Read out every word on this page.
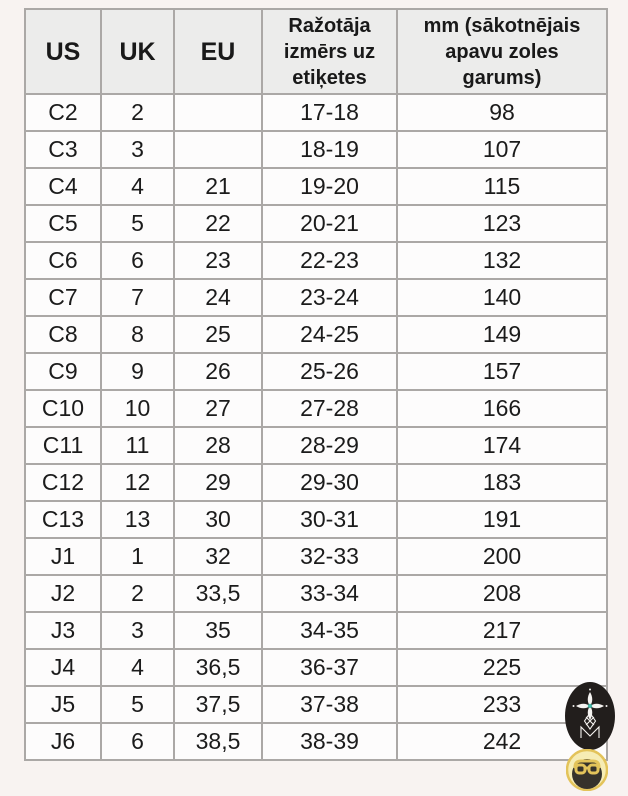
US	UK	EU	Ražotāja izmērs uz etiķetes	mm (sākotnējais apavu zoles garums)
C2	2		17-18	98
C3	3		18-19	107
C4	4	21	19-20	115
C5	5	22	20-21	123
C6	6	23	22-23	132
C7	7	24	23-24	140
C8	8	25	24-25	149
C9	9	26	25-26	157
C10	10	27	27-28	166
C11	11	28	28-29	174
C12	12	29	29-30	183
C13	13	30	30-31	191
J1	1	32	32-33	200
J2	2	33,5	33-34	208
J3	3	35	34-35	217
J4	4	36,5	36-37	225
J5	5	37,5	37-38	233
J6	6	38,5	38-39	242
